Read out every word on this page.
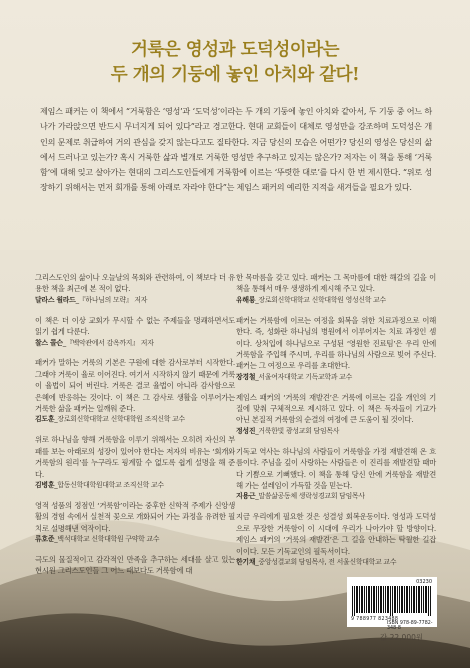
거룩은 영성과 도덕성이라는
두 개의 기둥에 놓인 아치와 같다!

제임스 패커는 이 책에서 “거룩함은 ‘영성’과 ‘도덕성’이라는 두 개의 기둥에 놓인 아치와 같아서, 두 기둥 중 어느 하나가 가라앉으면 반드시 무너지게 되어 있다”라고 경고한다. 현대 교회들이 대체로 영성만을 강조하며 도덕성은 개인의 문제로 취급하여 거의 관심을 갖지 않는다고도 질타한다. 지금 당신의 모습은 어떤가? 당신의 영성은 당신의 삶에서 드러나고 있는가? 혹시 거룩한 삶과 별개로 거룩한 영성만 추구하고 있지는 않은가? 저자는 이 책을 통해 ‘거룩함’에 대해 잊고 살아가는 현대의 그리스도인들에게 거룩함에 이르는 ‘뚜렷한 대로’를 다시 한 번 제시한다. “위로 성장하기 위해서는 먼저 회개를 통해 아래로 자라야 한다”는 제임스 패커의 예리한 지적을 새겨들을 필요가 있다.

그리스도인의 삶이나 오늘날의 목회와 관련하여, 이 책보다 더 유용한 책을 최근에 본 적이 없다.
달라스 윌라드_『하나님의 모략』 저자
이 책은 더 이상 교회가 무시할 수 없는 주제들을 명쾌하면서도 읽기 쉽게 다룬다.
찰스 콜슨_『백악관에서 감옥까지』 저자
패커가 말하는 거룩의 기본은 구원에 대한 감사로부터 시작한다. 그래야 거룩이 율로 이어진다. 여기서 시작하지 않기 때문에 거룩이 율법이 되어 버린다. 거룩은 결코 율법이 아니라 감사함으로 은혜에 반응하는 것이다. 이 책은 그 감사로 생활을 이루어가는 거룩한 삶을 패커는 일깨워 준다.
김도훈_장로회신학대학교 신학대학원 조직신학 교수
위로 하나님을 향해 거룩함을 이루기 위해서는 오히려 자신의 부패를 보는 아래로의 성장이 있어야 한다는 저자의 비유는 ‘회개와 거룩함의 원리’를 누구라도 핑계할 수 없도록 쉽게 설명을 해 준다.
김병훈_합동신학대학원대학교 조직신학 교수
영적 성품의 정점인 ‘거룩함’이라는 중후한 신학적 주제가 신앙생활의 경험 속에서 실천적 꽃으로 개화되어 가는 과정을 유려한 필치로 설명해낸 역작이다.
류호준_백석대학교 신학대학원 구약학 교수
극도의 물질적이고 감각적인 만족을 추구하는 세대를 살고 있는 현시원 그리스도인들 그 어느 때보다도 거룩함에 대
한 목마름을 갖고 있다. 패커는 그 목마름에 대한 해갈의 길을 이 책을 통해서 매우 생생하게 제시해 주고 있다.
유해룡_장로회신학대학교 신학대학원 영성신학 교수
패커는 거룩함에 이르는 여정을 회복을 위한 치료과정으로 이해한다. 즉, 성화란 하나님의 병원에서 이루어지는 치료 과정인 셈이다. 상처입에 하나님으로 구성된 ‘영원한 진료팀’은 우리 안에 거룩함을 주입해 주시며, 우리를 하나님의 사람으로 빚어 주신다. 패커는 그 여정으로 우리를 초대한다.
장경철_서울여자대학교 기독교학과 교수
제임스 패커의 ‘거룩의 재발견’은 거룩에 이르는 길을 개인의 기질에 맞춰 구체적으로 제시하고 있다. 이 책은 독자들이 기교가 아닌 본질적 거룩함의 순결의 여정에 큰 도움이 될 것이다.
정성진_거룩한빛 광성교회 담임목사
기독교 역사는 하나님의 사람들이 거룩함을 가정 재발견해 온 흐름이다. 주님을 깊이 사랑하는 사람들은 이 진리를 재발견할 때마다 기쁨으로 기뻐했다. 이 책을 통해 당신 안에 거룩함을 재발견해 가는 설레임이 가득할 것을 믿는다.
지용근_말씀삶공동체 생락성경교회 담임목사
지금 우리에게 필요한 것은 성결성 회복운동이다. 영성과 도덕성으로 무장한 거룩함이 이 시대에 우리가 나아가야 할 방향이다. 제임스 패커의 ‘거룩의 재발견’은 그 길을 안내하는 탁월한 길잡이이다. 모든 기독교인의 필독서이다.
한기채_중앙성결교회 담임목사, 전 서울신학대학교 교수
03230
9 788977 823488
ISBN 978-89-7782-348-8
값 22,000원
